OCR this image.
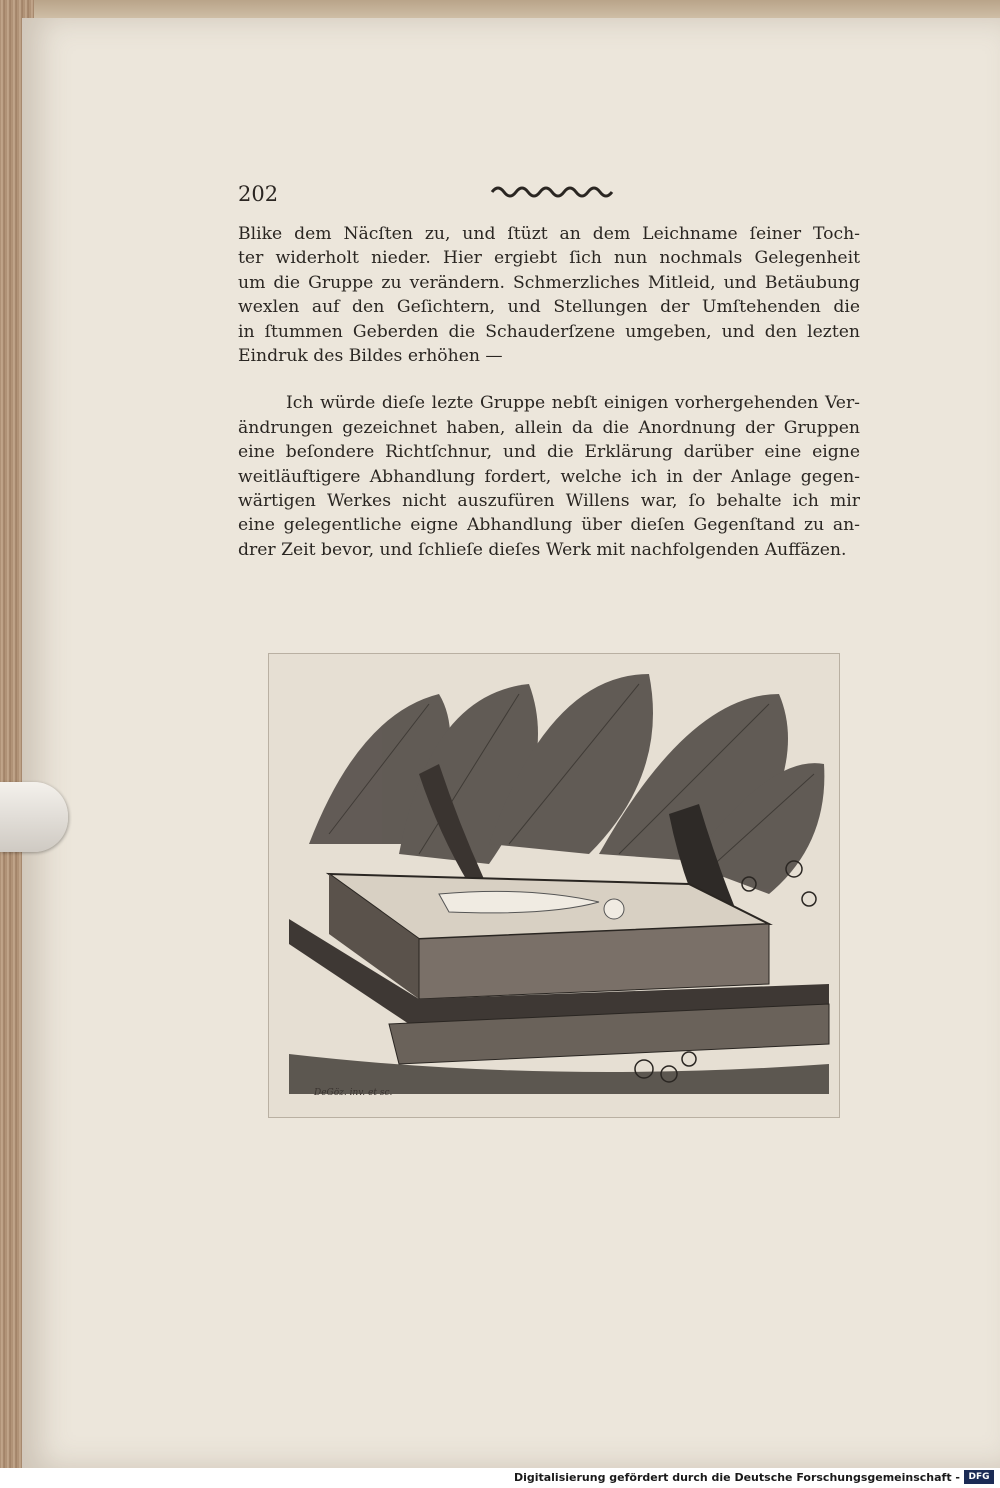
202
Blike dem Näcſten zu, und ſtüzt an dem Leichname ſeiner Toch-
ter widerholt nieder. Hier ergiebt ſich nun nochmals Gelegenheit
um die Gruppe zu verändern. Schmerzliches Mitleid, und Betäubung
wexlen auf den Geſichtern, und Stellungen der Umſtehenden die
in ſtummen Geberden die Schauderſzene umgeben, und den lezten
Eindruk des Bildes erhöhen —
Ich würde dieſe lezte Gruppe nebſt einigen vorhergehenden Ver-
ändrungen gezeichnet haben, allein da die Anordnung der Gruppen
eine beſondere Richtſchnur, und die Erklärung darüber eine eigne
weitläuftigere Abhandlung fordert, welche ich in der Anlage gegen-
wärtigen Werkes nicht auszufüren Willens war, ſo behalte ich mir
eine gelegentliche eigne Abhandlung über dieſen Gegenſtand zu an-
drer Zeit bevor, und ſchlieſe dieſes Werk mit nachfolgenden Auffäzen.
DeGöz. inv. et sc.
Digitalisierung gefördert durch die Deutsche Forschungsgemeinschaft - DFG
